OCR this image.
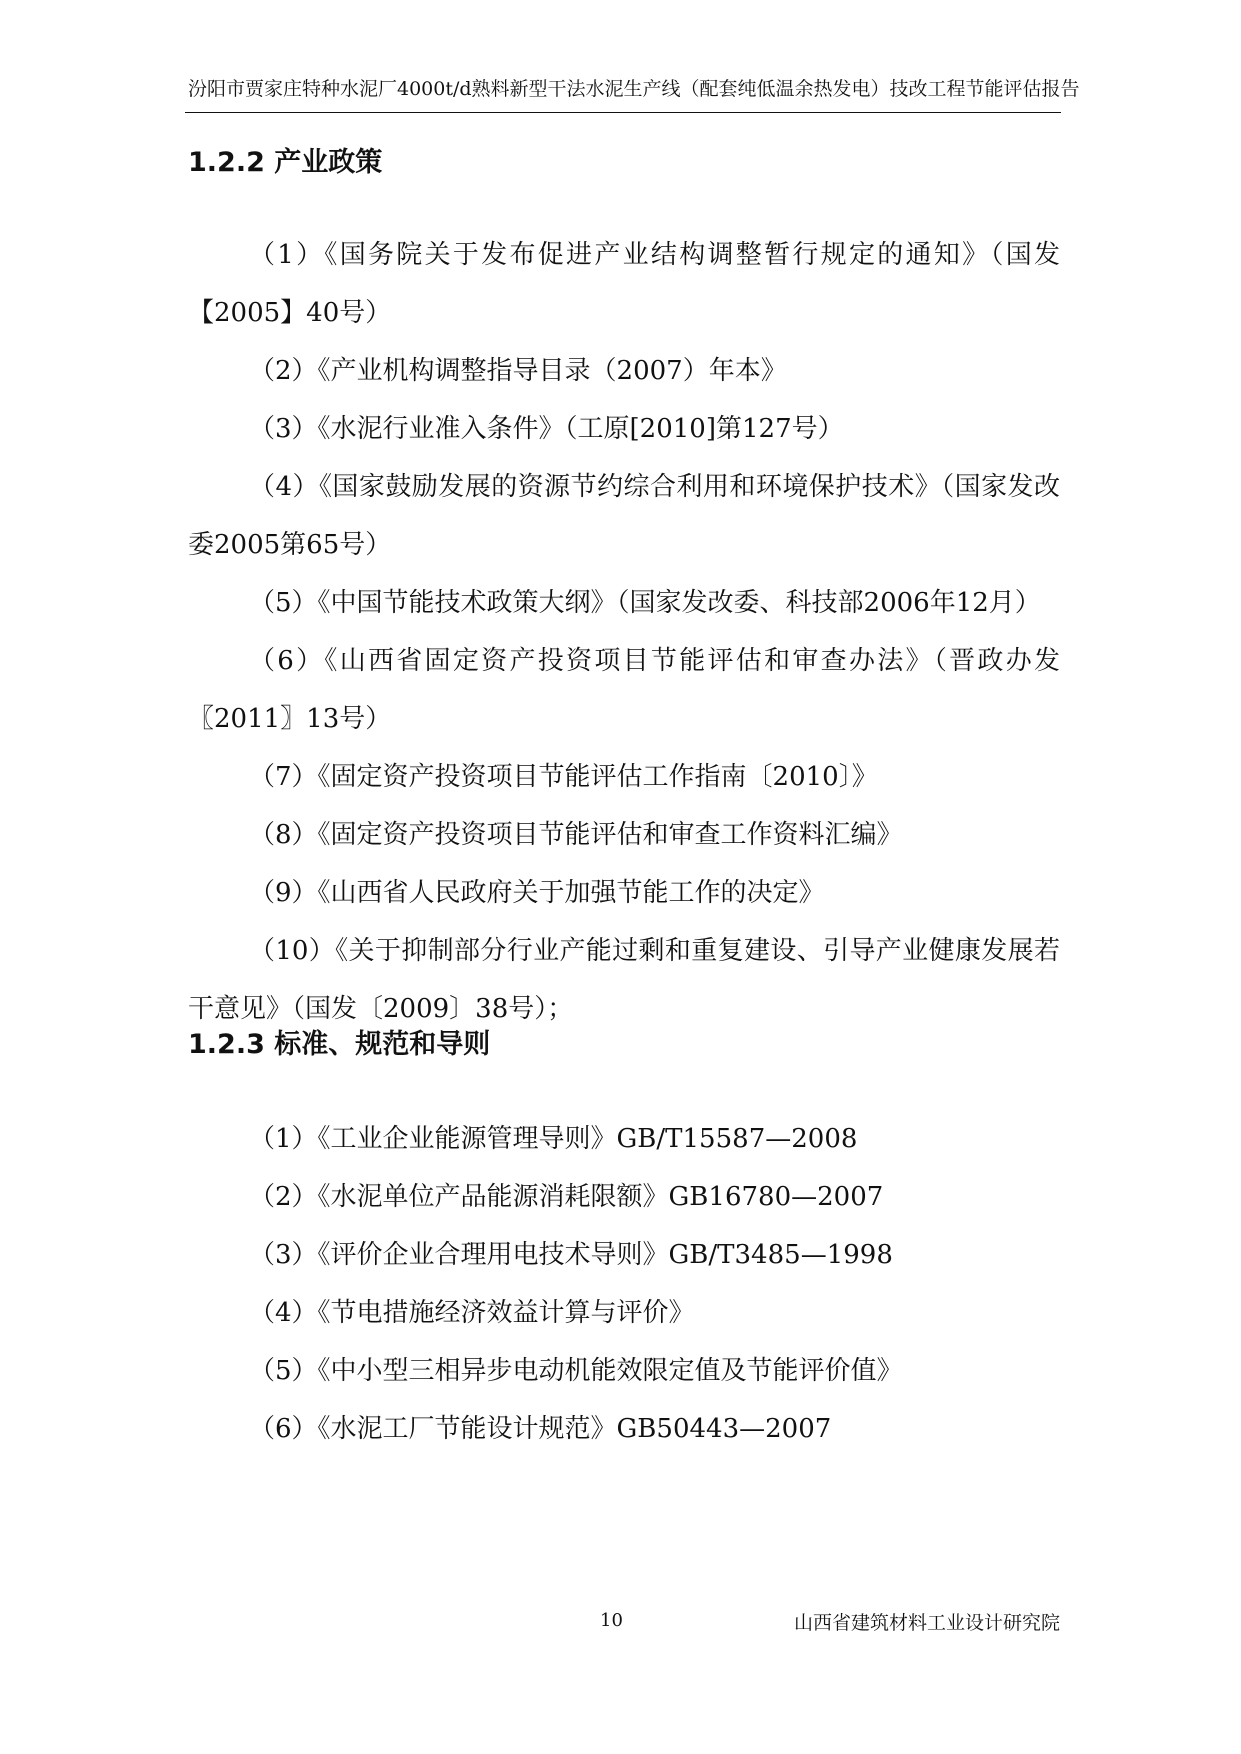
汾阳市贾家庄特种水泥厂4000t/d熟料新型干法水泥生产线（配套纯低温余热发电）技改工程节能评估报告
1.2.2 产业政策
（1）《国务院关于发布促进产业结构调整暂行规定的通知》（国发【2005】40号）
（2）《产业机构调整指导目录（2007）年本》
（3）《水泥行业准入条件》（工原[2010]第127号）
（4）《国家鼓励发展的资源节约综合利用和环境保护技术》（国家发改委2005第65号）
（5）《中国节能技术政策大纲》（国家发改委、科技部2006年12月）
（6）《山西省固定资产投资项目节能评估和审查办法》（晋政办发〖2011〗13号）
（7）《固定资产投资项目节能评估工作指南〔2010〕》
（8）《固定资产投资项目节能评估和审查工作资料汇编》
（9）《山西省人民政府关于加强节能工作的决定》
（10）《关于抑制部分行业产能过剩和重复建设、引导产业健康发展若干意见》（国发〔2009〕38号）；
1.2.3 标准、规范和导则
（1）《工业企业能源管理导则》GB/T15587—2008
（2）《水泥单位产品能源消耗限额》GB16780—2007
（3）《评价企业合理用电技术导则》GB/T3485—1998
（4）《节电措施经济效益计算与评价》
（5）《中小型三相异步电动机能效限定值及节能评价值》
（6）《水泥工厂节能设计规范》GB50443—2007
10	山西省建筑材料工业设计研究院
